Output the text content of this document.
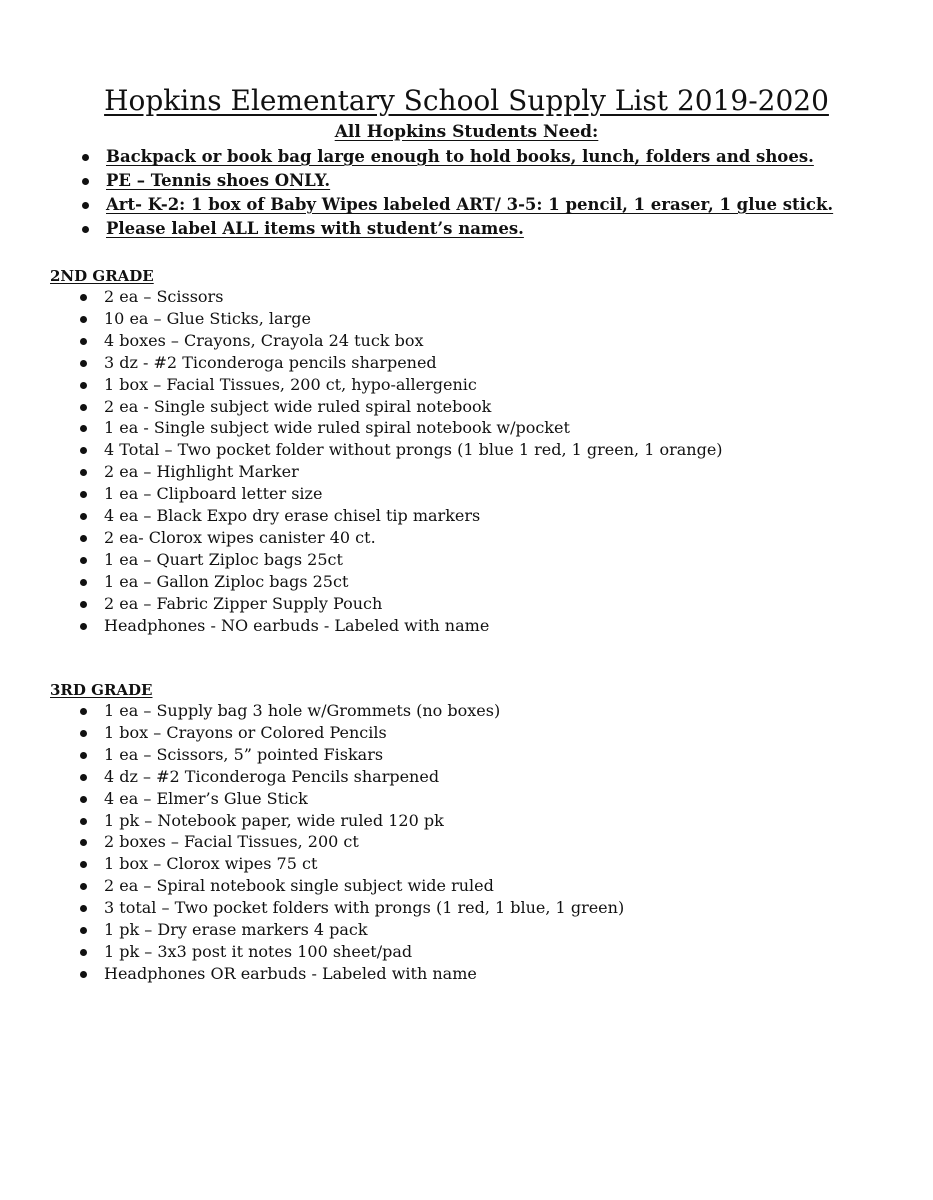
Hopkins Elementary School Supply List 2019-2020
All Hopkins Students Need:
Backpack or book bag large enough to hold books, lunch, folders and shoes.
PE – Tennis shoes ONLY.
Art- K-2: 1 box of Baby Wipes labeled ART/ 3-5: 1 pencil, 1 eraser, 1 glue stick.
Please label ALL items with student’s names.
2ND GRADE
2 ea – Scissors
10 ea – Glue Sticks, large
4 boxes – Crayons, Crayola 24 tuck box
3 dz - #2 Ticonderoga pencils sharpened
1 box – Facial Tissues, 200 ct, hypo-allergenic
2 ea - Single subject wide ruled spiral notebook
1 ea - Single subject wide ruled spiral notebook w/pocket
4 Total – Two pocket folder without prongs (1 blue 1 red, 1 green, 1 orange)
2 ea – Highlight Marker
1 ea – Clipboard letter size
4 ea – Black Expo dry erase chisel tip markers
2 ea- Clorox wipes canister 40 ct.
1 ea – Quart Ziploc bags 25ct
1 ea – Gallon Ziploc bags 25ct
2 ea – Fabric Zipper Supply Pouch
Headphones - NO earbuds - Labeled with name
3RD GRADE
1 ea – Supply bag 3 hole w/Grommets (no boxes)
1 box – Crayons or Colored Pencils
1 ea – Scissors, 5” pointed Fiskars
4 dz – #2 Ticonderoga Pencils sharpened
4 ea – Elmer’s Glue Stick
1 pk – Notebook paper, wide ruled 120 pk
2 boxes – Facial Tissues, 200 ct
1 box – Clorox wipes 75 ct
2 ea – Spiral notebook single subject wide ruled
3 total – Two pocket folders with prongs (1 red, 1 blue, 1 green)
1 pk – Dry erase markers 4 pack
1 pk – 3x3 post it notes 100 sheet/pad
Headphones OR earbuds - Labeled with name
